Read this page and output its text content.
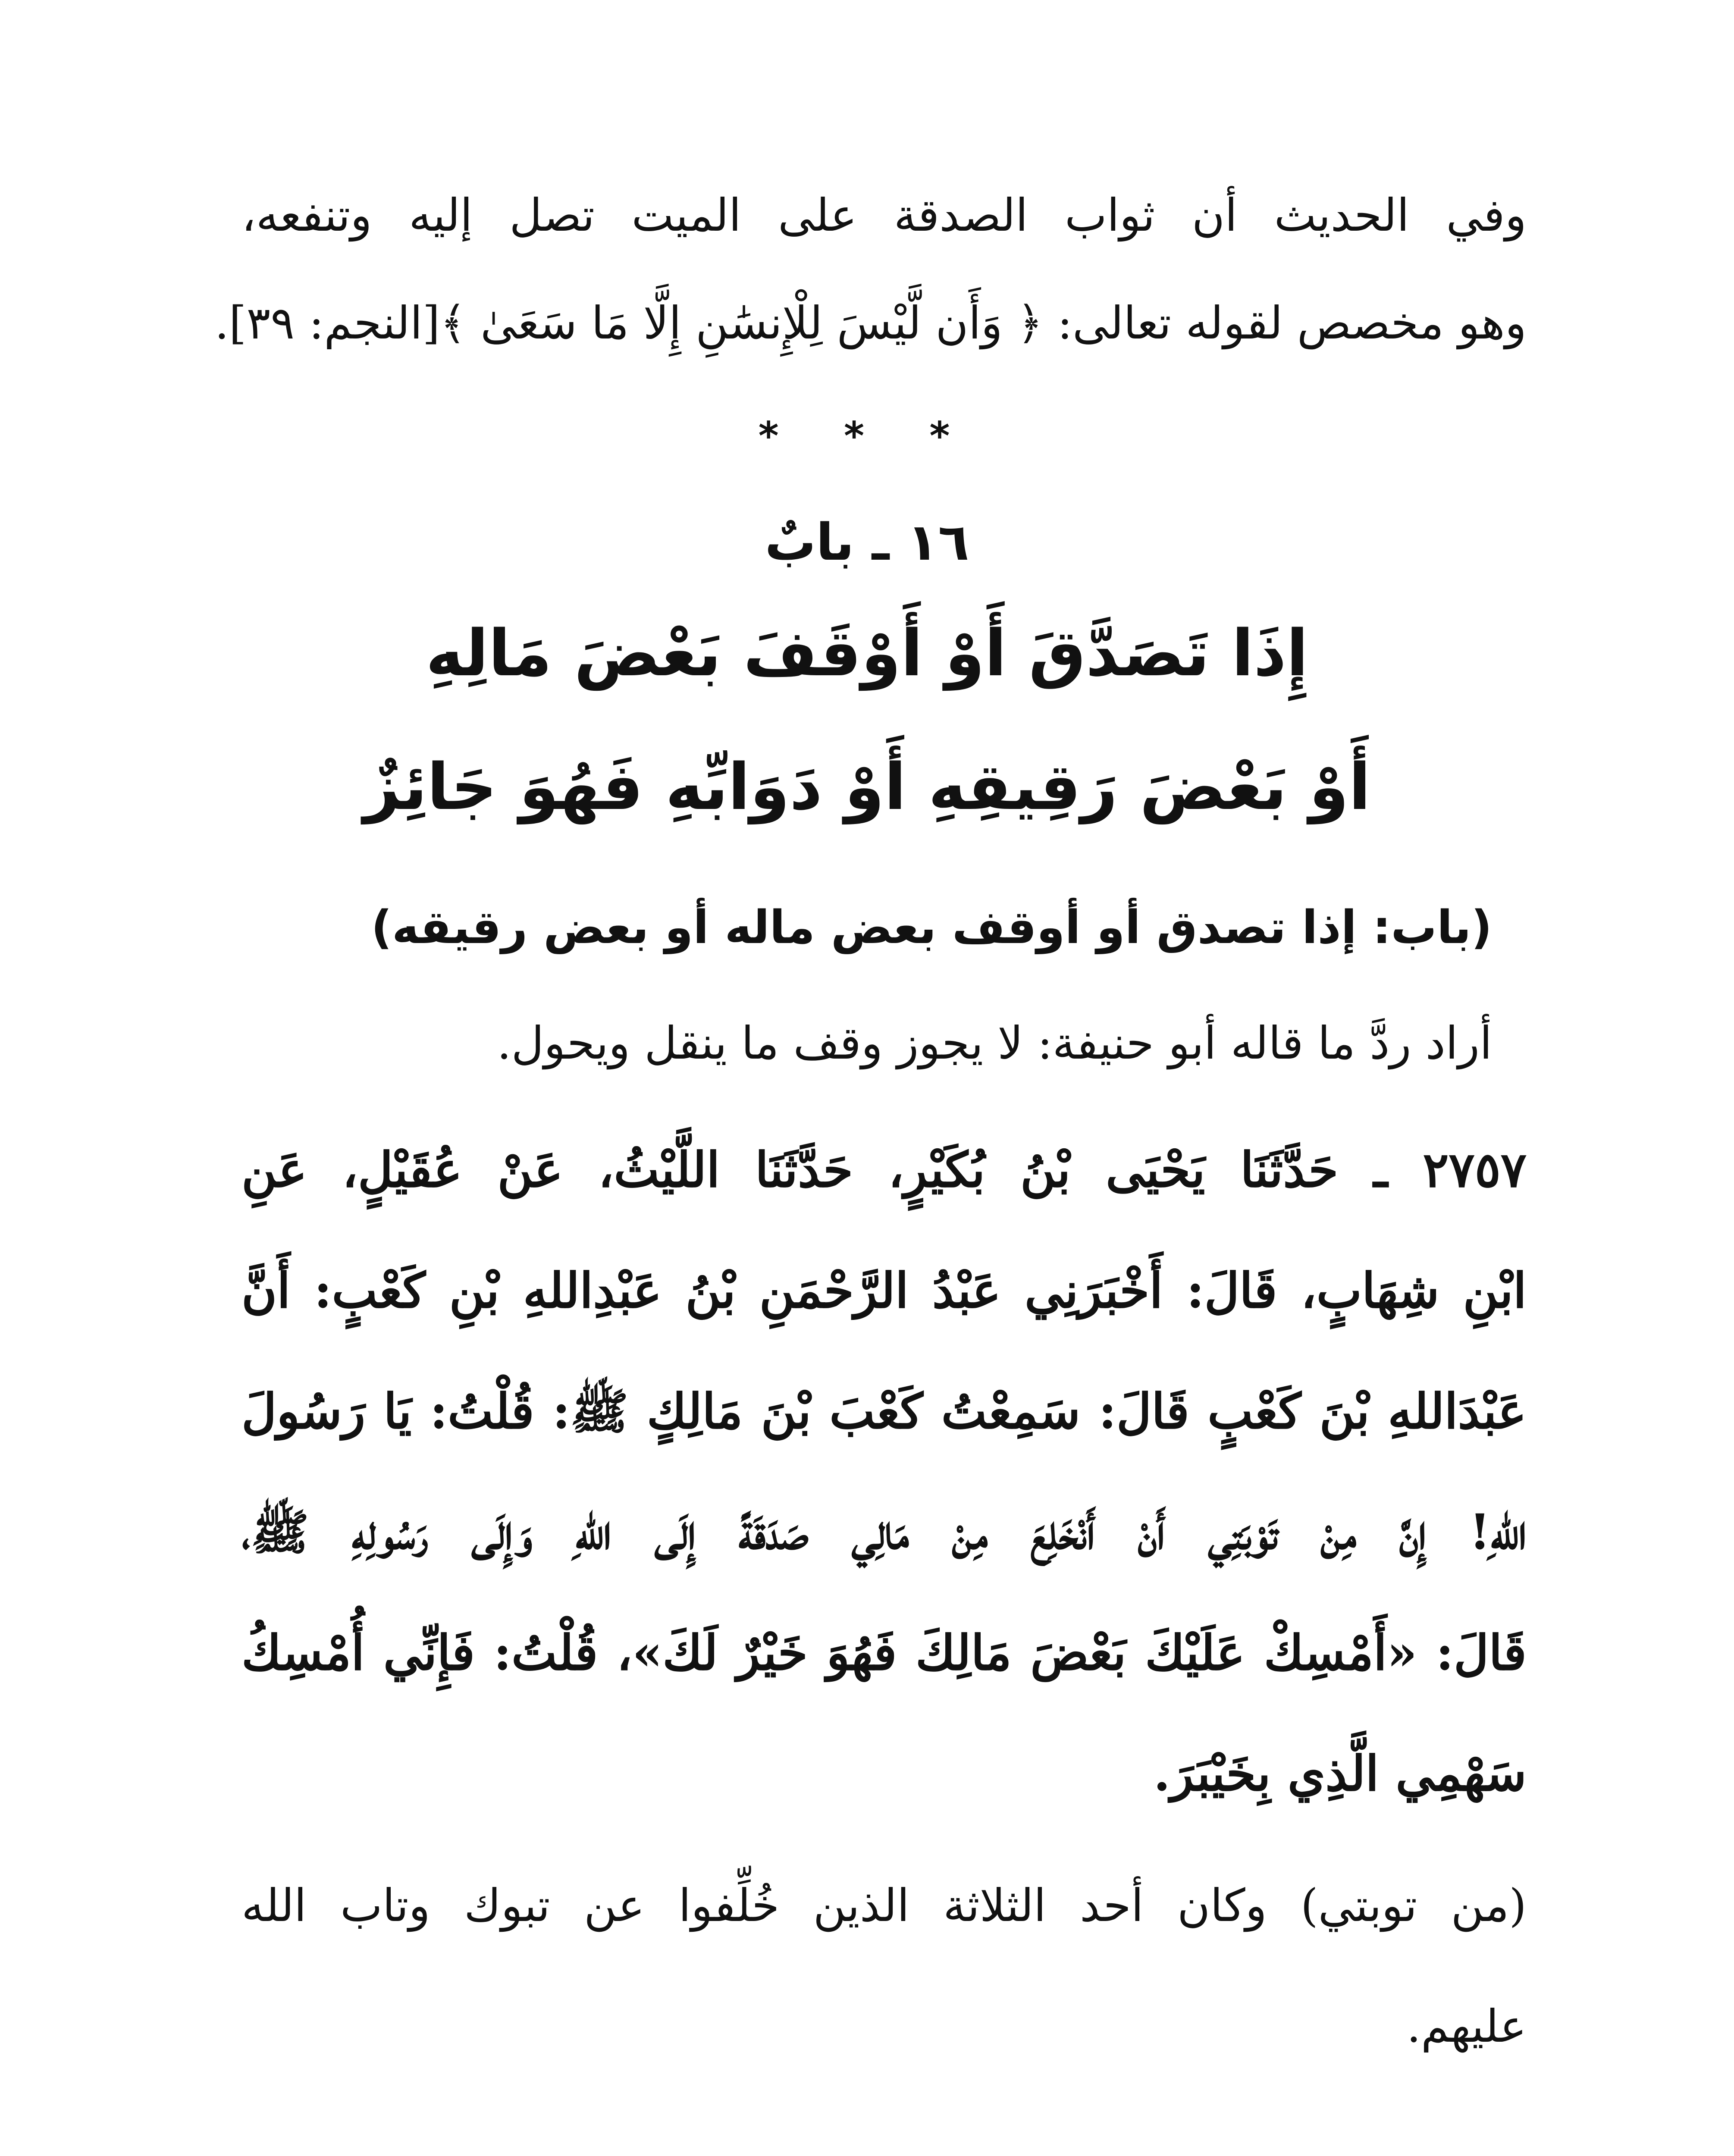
وفي الحديث أن ثواب الصدقة على الميت تصل إليه وتنفعه،
وهو مخصص لقوله تعالى: ﴿ وَأَن لَّيْسَ لِلْإِنسَٰنِ إِلَّا مَا سَعَىٰ ﴾[النجم: ٣٩].
* * *
١٦ ـ بابٌ
إِذَا تَصَدَّقَ أَوْ أَوْقَفَ بَعْضَ مَالِهِ
أَوْ بَعْضَ رَقِيقِهِ أَوْ دَوَابِّهِ فَهُوَ جَائِزٌ
(باب: إذا تصدق أو أوقف بعض ماله أو بعض رقيقه)
أراد ردَّ ما قاله أبو حنيفة: لا يجوز وقف ما ينقل ويحول.
٢٧٥٧ ـ حَدَّثَنَا يَحْيَى بْنُ بُكَيْرٍ، حَدَّثَنَا اللَّيْثُ، عَنْ عُقَيْلٍ، عَنِ
ابْنِ شِهَابٍ، قَالَ: أَخْبَرَنِي عَبْدُ الرَّحْمَنِ بْنُ عَبْدِاللهِ بْنِ كَعْبٍ: أَنَّ
عَبْدَاللهِ بْنَ كَعْبٍ قَالَ: سَمِعْتُ كَعْبَ بْنَ مَالِكٍ ﷺ: قُلْتُ: يَا رَسُولَ
اللهِ! إِنَّ مِنْ تَوْبَتِي أَنْ أَنْخَلِعَ مِنْ مَالِي صَدَقَةً إِلَى اللهِ وَإِلَى رَسُولِهِ ﷺ،
قَالَ: «أَمْسِكْ عَلَيْكَ بَعْضَ مَالِكَ فَهُوَ خَيْرٌ لَكَ»، قُلْتُ: فَإِنِّي أُمْسِكُ
سَهْمِي الَّذِي بِخَيْبَرَ.
(من توبتي) وكان أحد الثلاثة الذين خُلِّفوا عن تبوك وتاب الله
عليهم.
